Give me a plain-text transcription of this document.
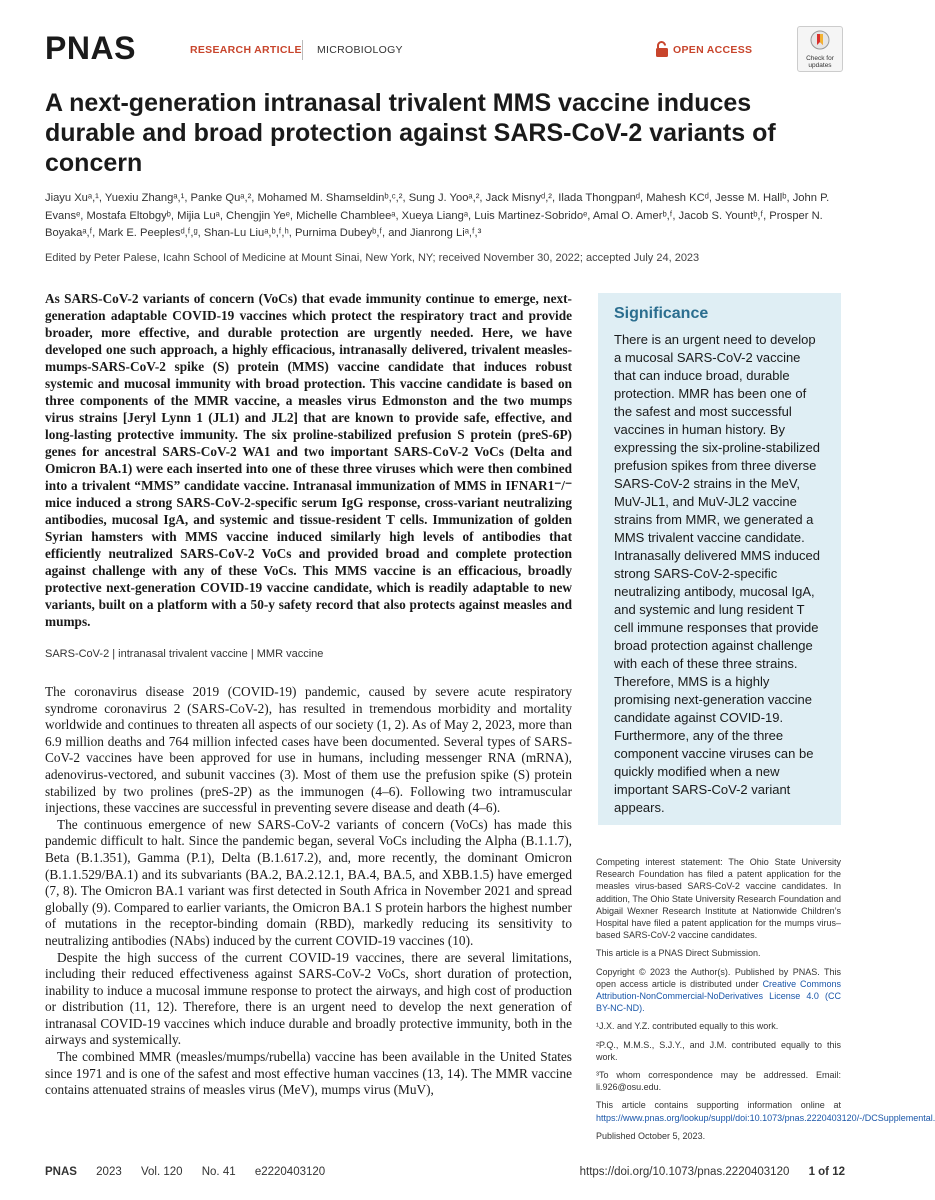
PNAS	RESEARCH ARTICLE MICROBIOLOGY	OPEN ACCESS
Check for updates
A next-generation intranasal trivalent MMS vaccine induces durable and broad protection against SARS-CoV-2 variants of concern

Jiayu Xuᵃ,¹, Yuexiu Zhangᵃ,¹, Panke Quᵃ,², Mohamed M. Shamseldinᵇ,ᶜ,², Sung J. Yooᵃ,², Jack Misnyᵈ,², Ilada Thongpanᵈ, Mahesh KCᵈ, Jesse M. Hallᵇ, John P. Evansᵉ, Mostafa Eltobgyᵇ, Mijia Luᵃ, Chengjin Yeᵉ, Michelle Chambleeᵃ, Xueya Liangᵃ, Luis Martinez-Sobridoᵉ, Amal O. Amerᵇ,ᶠ, Jacob S. Yountᵇ,ᶠ, Prosper N. Boyakaᵃ,ᶠ, Mark E. Peeplesᵈ,ᶠ,ᵍ, Shan-Lu Liuᵃ,ᵇ,ᶠ,ʰ, Purnima Dubeyᵇ,ᶠ, and Jianrong Liᵃ,ᶠ,³

Edited by Peter Palese, Icahn School of Medicine at Mount Sinai, New York, NY; received November 30, 2022; accepted July 24, 2023

As SARS-CoV-2 variants of concern (VoCs) that evade immunity continue to emerge, next-generation adaptable COVID-19 vaccines which protect the respiratory tract and provide broader, more effective, and durable protection are urgently needed. Here, we have developed one such approach, a highly efficacious, intranasally delivered, trivalent measles-mumps-SARS-CoV-2 spike (S) protein (MMS) vaccine candidate that induces robust systemic and mucosal immunity with broad protection. This vaccine candidate is based on three components of the MMR vaccine, a measles virus Edmonston and the two mumps virus strains [Jeryl Lynn 1 (JL1) and JL2] that are known to provide safe, effective, and long-lasting protective immunity. The six proline-stabilized prefusion S protein (preS-6P) genes for ancestral SARS-CoV-2 WA1 and two important SARS-CoV-2 VoCs (Delta and Omicron BA.1) were each inserted into one of these three viruses which were then combined into a trivalent “MMS” candidate vaccine. Intranasal immunization of MMS in IFNAR1⁻/⁻ mice induced a strong SARS-CoV-2-specific serum IgG response, cross-variant neutralizing antibodies, mucosal IgA, and systemic and tissue-resident T cells. Immunization of golden Syrian hamsters with MMS vaccine induced similarly high levels of antibodies that efficiently neutralized SARS-CoV-2 VoCs and provided broad and complete protection against challenge with any of these VoCs. This MMS vaccine is an efficacious, broadly protective next-generation COVID-19 vaccine candidate, which is readily adaptable to new variants, built on a platform with a 50-y safety record that also protects against measles and mumps.

SARS-CoV-2 | intranasal trivalent vaccine | MMR vaccine

The coronavirus disease 2019 (COVID-19) pandemic, caused by severe acute respiratory syndrome coronavirus 2 (SARS-CoV-2), has resulted in tremendous morbidity and mortality worldwide and continues to threaten all aspects of our society (1, 2). As of May 2, 2023, more than 6.9 million deaths and 764 million infected cases have been documented. Several types of SARS-CoV-2 vaccines have been approved for use in humans, including messenger RNA (mRNA), adenovirus-vectored, and subunit vaccines (3). Most of them use the prefusion spike (S) protein stabilized by two prolines (preS-2P) as the immunogen (4–6). Following two intramuscular injections, these vaccines are successful in preventing severe disease and death (4–6).

The continuous emergence of new SARS-CoV-2 variants of concern (VoCs) has made this pandemic difficult to halt. Since the pandemic began, several VoCs including the Alpha (B.1.1.7), Beta (B.1.351), Gamma (P.1), Delta (B.1.617.2), and, more recently, the dominant Omicron (B.1.1.529/BA.1) and its subvariants (BA.2, BA.2.12.1, BA.4, BA.5, and XBB.1.5) have emerged (7, 8). The Omicron BA.1 variant was first detected in South Africa in November 2021 and spread globally (9). Compared to earlier variants, the Omicron BA.1 S protein harbors the highest number of mutations in the receptor-binding domain (RBD), markedly reducing its sensitivity to neutralizing antibodies (NAbs) induced by the current COVID-19 vaccines (10).

Despite the high success of the current COVID-19 vaccines, there are several limitations, including their reduced effectiveness against SARS-CoV-2 VoCs, short duration of protection, inability to induce a mucosal immune response to protect the airways, and high cost of production or distribution (11, 12). Therefore, there is an urgent need to develop the next generation of intranasal COVID-19 vaccines which induce durable and broadly protective immunity, both in the airways and systemically.

The combined MMR (measles/mumps/rubella) vaccine has been available in the United States since 1971 and is one of the safest and most effective human vaccines (13, 14). The MMR vaccine contains attenuated strains of measles virus (MeV), mumps virus (MuV),

Significance

There is an urgent need to develop a mucosal SARS-CoV-2 vaccine that can induce broad, durable protection. MMR has been one of the safest and most successful vaccines in human history. By expressing the six-proline-stabilized prefusion spikes from three diverse SARS-CoV-2 strains in the MeV, MuV-JL1, and MuV-JL2 vaccine strains from MMR, we generated a MMS trivalent vaccine candidate. Intranasally delivered MMS induced strong SARS-CoV-2-specific neutralizing antibody, mucosal IgA, and systemic and lung resident T cell immune responses that provide broad protection against challenge with each of these three strains. Therefore, MMS is a highly promising next-generation vaccine candidate against COVID-19. Furthermore, any of the three component vaccine viruses can be quickly modified when a new important SARS-CoV-2 variant appears.

Competing interest statement: The Ohio State University Research Foundation has filed a patent application for the measles virus-based SARS-CoV-2 vaccine candidates. In addition, The Ohio State University Research Foundation and Abigail Wexner Research Institute at Nationwide Children’s Hospital have filed a patent application for the mumps virus–based SARS-CoV-2 vaccine candidates.

This article is a PNAS Direct Submission.

Copyright © 2023 the Author(s). Published by PNAS. This open access article is distributed under Creative Commons Attribution-NonCommercial-NoDerivatives License 4.0 (CC BY-NC-ND).

¹J.X. and Y.Z. contributed equally to this work.

²P.Q., M.M.S., S.J.Y., and J.M. contributed equally to this work.

³To whom correspondence may be addressed. Email: li.926@osu.edu.

This article contains supporting information online at https://www.pnas.org/lookup/suppl/doi:10.1073/pnas.2220403120/-/DCSupplemental.

Published October 5, 2023.

PNAS 2023 Vol. 120 No. 41 e2220403120	https://doi.org/10.1073/pnas.2220403120 1 of 12
